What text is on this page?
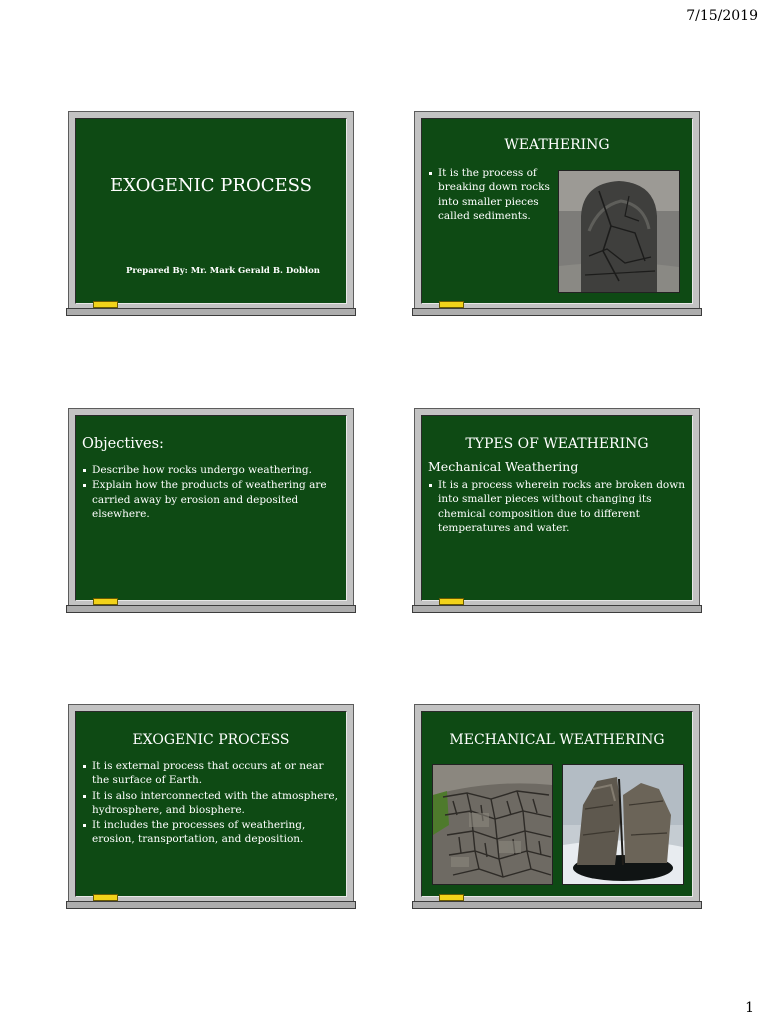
7/15/2019
EXOGENIC PROCESS
Prepared By: Mr. Mark Gerald B. Doblon
WEATHERING
It is the process of breaking down rocks into smaller pieces called sediments.
Objectives:
Describe how rocks undergo weathering.
Explain how the products of weathering are carried away by erosion and deposited elsewhere.
TYPES OF WEATHERING
Mechanical Weathering
It is a process wherein rocks are broken down into smaller pieces without changing its chemical composition due to different temperatures and water.
EXOGENIC PROCESS
It is external process that occurs at or near the surface of Earth.
It is also interconnected with the atmosphere, hydrosphere, and biosphere.
It includes the processes of weathering, erosion, transportation, and deposition.
MECHANICAL WEATHERING
1
